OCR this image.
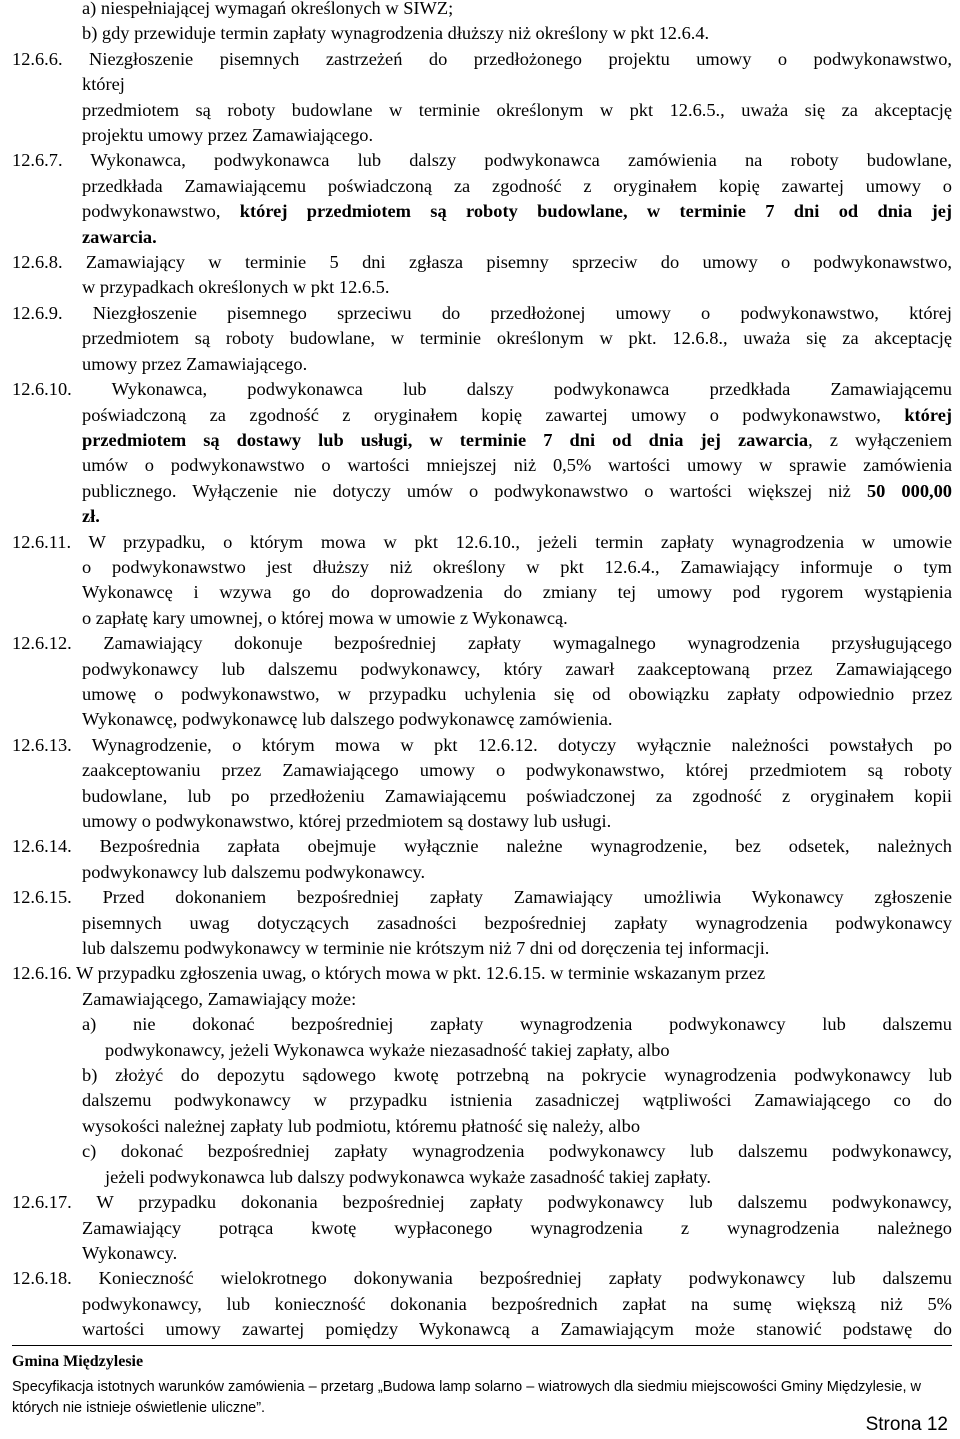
a) niespełniającej wymagań określonych w SIWZ;
b) gdy przewiduje termin zapłaty wynagrodzenia dłuższy niż określony w pkt 12.6.4.
12.6.6. Niezgłoszenie pisemnych zastrzeżeń do przedłożonego projektu umowy o podwykonawstwo,
której
przedmiotem są roboty budowlane w terminie określonym w pkt 12.6.5., uważa się za akceptację
projektu umowy przez Zamawiającego.
12.6.7. Wykonawca, podwykonawca lub dalszy podwykonawca zamówienia na roboty budowlane,
przedkłada Zamawiającemu poświadczoną za zgodność z oryginałem kopię zawartej umowy o
podwykonawstwo, której przedmiotem są roboty budowlane, w terminie 7 dni od dnia jej
zawarcia.
12.6.8. Zamawiający w terminie 5 dni zgłasza pisemny sprzeciw do umowy o podwykonawstwo,
w przypadkach określonych w pkt 12.6.5.
12.6.9. Niezgłoszenie pisemnego sprzeciwu do przedłożonej umowy o podwykonawstwo, której
przedmiotem są roboty budowlane, w terminie określonym w pkt. 12.6.8., uważa się za akceptację
umowy przez Zamawiającego.
12.6.10. Wykonawca, podwykonawca lub dalszy podwykonawca przedkłada Zamawiającemu
poświadczoną za zgodność z oryginałem kopię zawartej umowy o podwykonawstwo, której
przedmiotem są dostawy lub usługi, w terminie 7 dni od dnia jej zawarcia, z wyłączeniem
umów o podwykonawstwo o wartości mniejszej niż 0,5% wartości umowy w sprawie zamówienia
publicznego. Wyłączenie nie dotyczy umów o podwykonawstwo o wartości większej niż 50 000,00
zł.
12.6.11. W przypadku, o którym mowa w pkt 12.6.10., jeżeli termin zapłaty wynagrodzenia w umowie
o podwykonawstwo jest dłuższy niż określony w pkt 12.6.4., Zamawiający informuje o tym
Wykonawcę i wzywa go do doprowadzenia do zmiany tej umowy pod rygorem wystąpienia
o zapłatę kary umownej, o której mowa w umowie z Wykonawcą.
12.6.12. Zamawiający dokonuje bezpośredniej zapłaty wymagalnego wynagrodzenia przysługującego
podwykonawcy lub dalszemu podwykonawcy, który zawarł zaakceptowaną przez Zamawiającego
umowę o podwykonawstwo, w przypadku uchylenia się od obowiązku zapłaty odpowiednio przez
Wykonawcę, podwykonawcę lub dalszego podwykonawcę zamówienia.
12.6.13. Wynagrodzenie, o którym mowa w pkt 12.6.12. dotyczy wyłącznie należności powstałych po
zaakceptowaniu przez Zamawiającego umowy o podwykonawstwo, której przedmiotem są roboty
budowlane, lub po przedłożeniu Zamawiającemu poświadczonej za zgodność z oryginałem kopii
umowy o podwykonawstwo, której przedmiotem są dostawy lub usługi.
12.6.14. Bezpośrednia zapłata obejmuje wyłącznie należne wynagrodzenie, bez odsetek, należnych
podwykonawcy lub dalszemu podwykonawcy.
12.6.15. Przed dokonaniem bezpośredniej zapłaty Zamawiający umożliwia Wykonawcy zgłoszenie
pisemnych uwag dotyczących zasadności bezpośredniej zapłaty wynagrodzenia podwykonawcy
lub dalszemu podwykonawcy w terminie nie krótszym niż 7 dni od doręczenia tej informacji.
12.6.16. W przypadku zgłoszenia uwag, o których mowa w pkt. 12.6.15. w terminie wskazanym przez
Zamawiającego, Zamawiający może:
a) nie dokonać bezpośredniej zapłaty wynagrodzenia podwykonawcy lub dalszemu
podwykonawcy, jeżeli Wykonawca wykaże niezasadność takiej zapłaty, albo
b) złożyć do depozytu sądowego kwotę potrzebną na pokrycie wynagrodzenia podwykonawcy lub
dalszemu podwykonawcy w przypadku istnienia zasadniczej wątpliwości Zamawiającego co do
wysokości należnej zapłaty lub podmiotu, któremu płatność się należy, albo
c) dokonać bezpośredniej zapłaty wynagrodzenia podwykonawcy lub dalszemu podwykonawcy,
jeżeli podwykonawca lub dalszy podwykonawca wykaże zasadność takiej zapłaty.
12.6.17. W przypadku dokonania bezpośredniej zapłaty podwykonawcy lub dalszemu podwykonawcy,
Zamawiający potrąca kwotę wypłaconego wynagrodzenia z wynagrodzenia należnego
Wykonawcy.
12.6.18. Konieczność wielokrotnego dokonywania bezpośredniej zapłaty podwykonawcy lub dalszemu
podwykonawcy, lub konieczność dokonania bezpośrednich zapłat na sumę większą niż 5%
wartości umowy zawartej pomiędzy Wykonawcą a Zamawiającym może stanowić podstawę do
Gmina Międzylesie
Specyfikacja istotnych warunków zamówienia – przetarg „Budowa lamp solarno – wiatrowych dla siedmiu miejscowości Gminy Międzylesie, w których nie istnieje oświetlenie uliczne”.
Strona 12
